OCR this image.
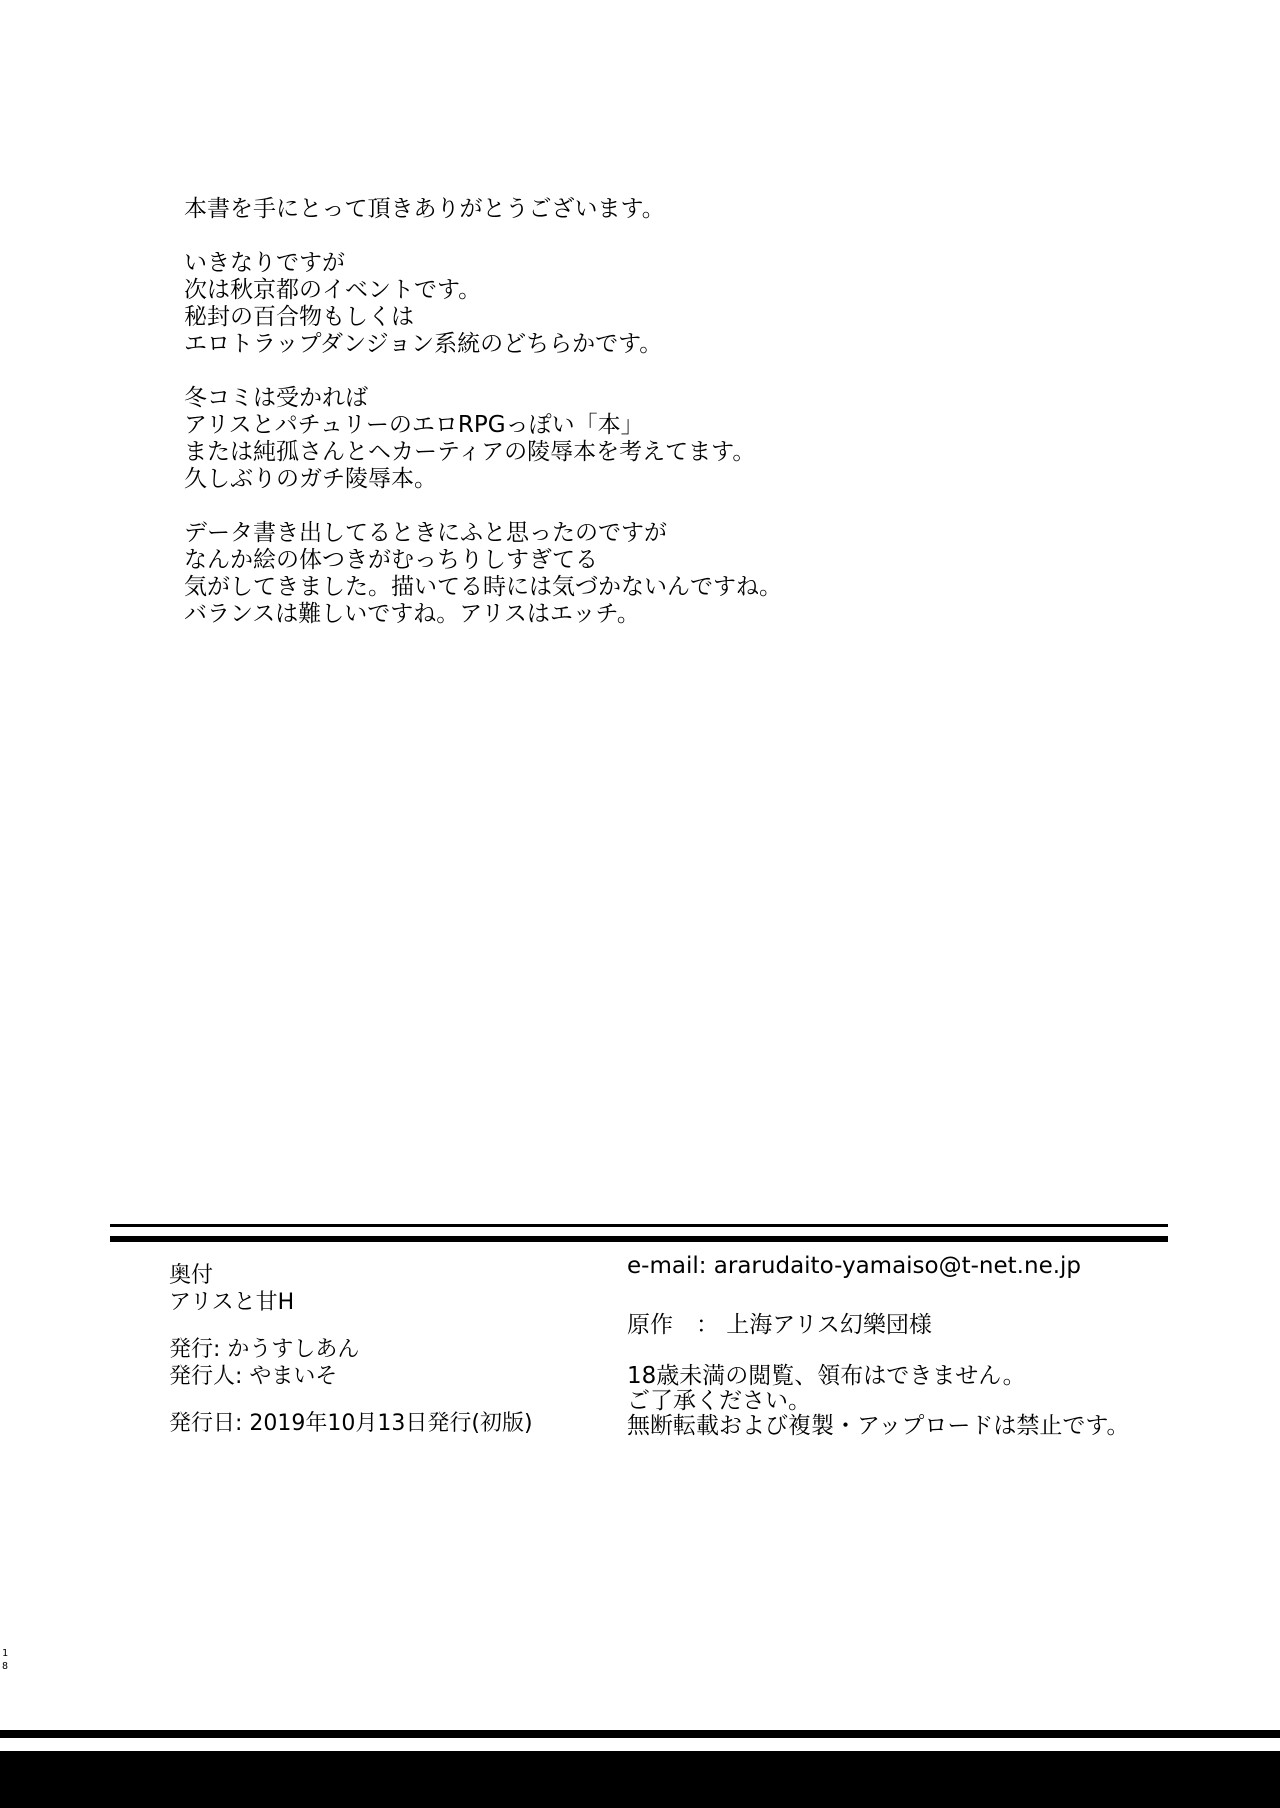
本書を手にとって頂きありがとうございます。
いきなりですが
次は秋京都のイベントです。
秘封の百合物もしくは
エロトラップダンジョン系統のどちらかです。
冬コミは受かれば
アリスとパチュリーのエロRPGっぽい「本」
または純孤さんとヘカーティアの陵辱本を考えてます。
久しぶりのガチ陵辱本。
データ書き出してるときにふと思ったのですが
なんか絵の体つきがむっちりしすぎてる
気がしてきました。描いてる時には気づかないんですね。
バランスは難しいですね。アリスはエッチ。
奥付
アリスと甘H
発行: かうすしあん
発行人: やまいそ
発行日: 2019年10月13日発行(初版)
e-mail: ararudaito-yamaiso@t-net.ne.jp
原作　： 上海アリス幻樂団様
18歳未満の閲覧、領布はできません。
ご了承ください。
無断転載および複製・アップロードは禁止です。
1
8
